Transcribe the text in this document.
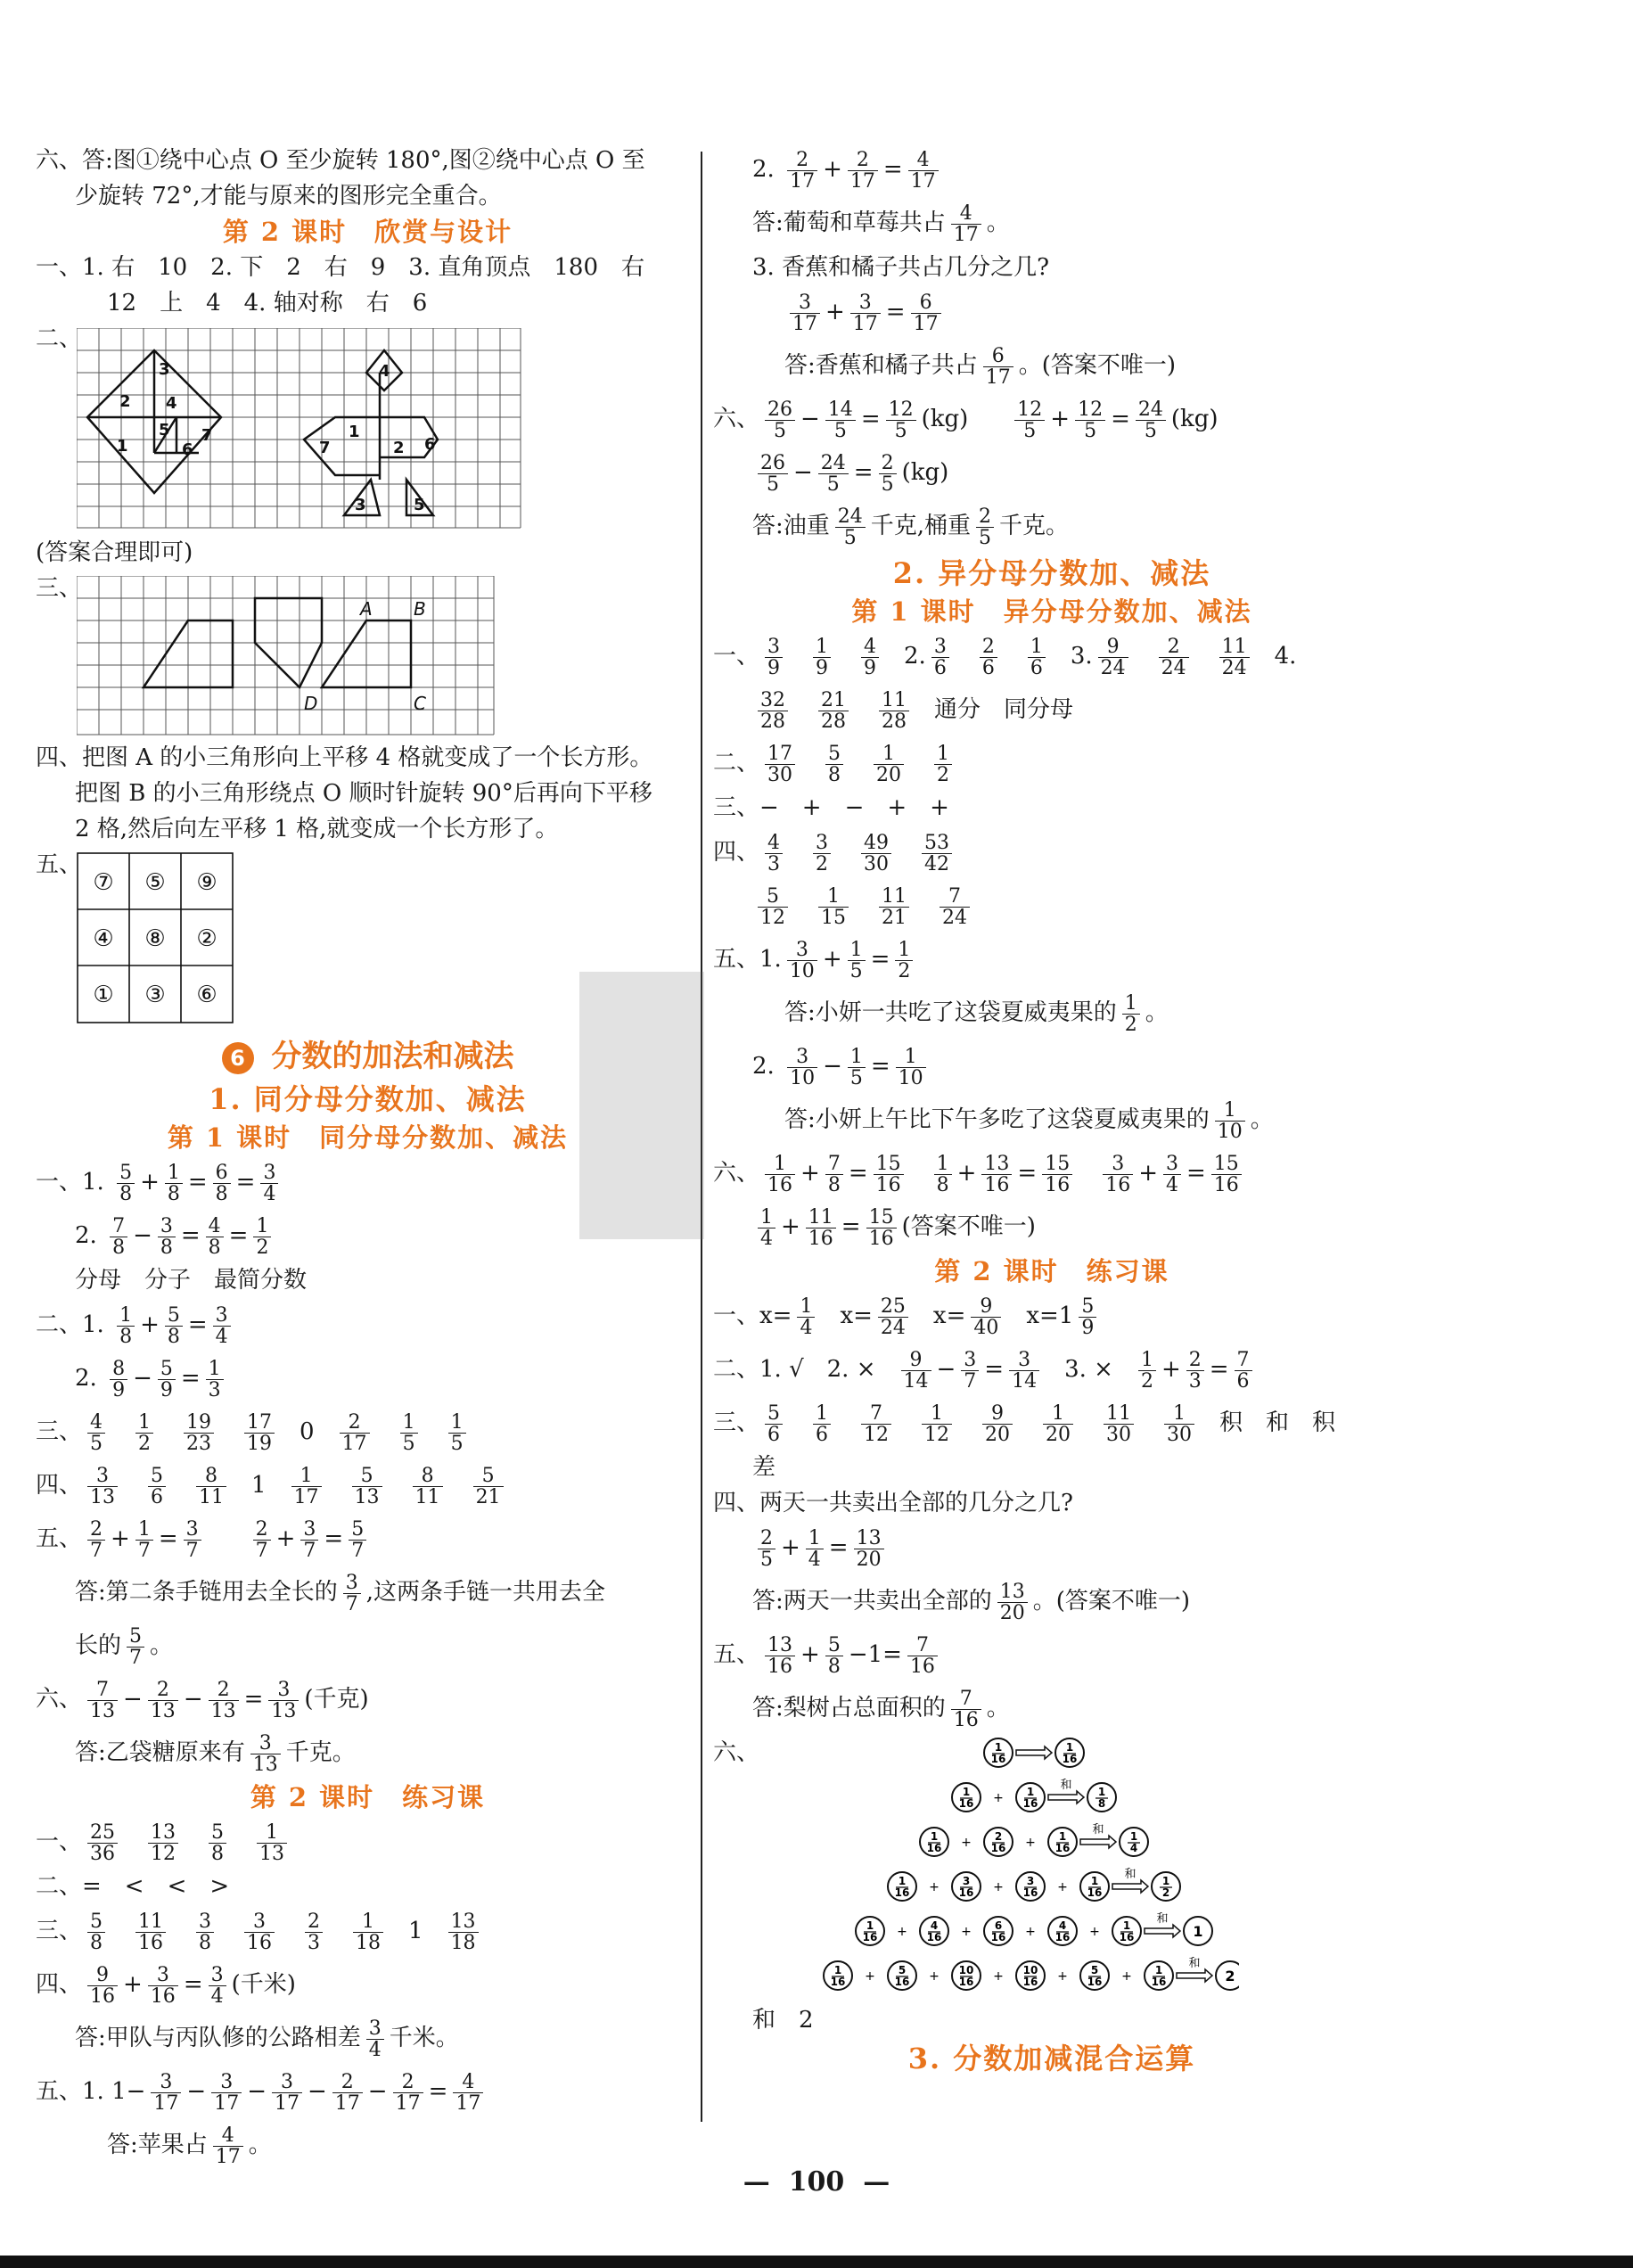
六、答:图①绕中心点 O 至少旋转 180°,图②绕中心点 O 至
少旋转 72°,才能与原来的图形完全重合。
第 2 课时　欣赏与设计
一、1. 右　10　2. 下　2　右　9　3. 直角顶点　180　右
12　上　4　4. 轴对称　右　6
二、
3
2 4
7
5
1	6
4
7
1
2 6
3	5
(答案合理即可)
三、
A B
D	C
四、把图 A 的小三角形向上平移 4 格就变成了一个长方形。
把图 B 的小三角形绕点 O 顺时针旋转 90°后再向下平移
2 格,然后向左平移 1 格,就变成一个长方形了。
五、
⑦ ⑤ ⑨
④ ⑧ ②
① ③ ⑥
6 分数的加法和减法
1. 同分母分数加、减法
第 1 课时　同分母分数加、减法
一、1. $\frac{5}{8} + \frac{1}{8} = \frac{6}{8} = \frac{3}{4}$
2. $\frac{7}{8} - \frac{3}{8} = \frac{4}{8} = \frac{1}{2}$
分母　分子　最简分数
二、1. $\frac{1}{8} + \frac{5}{8} = \frac{3}{4}$
2. $\frac{8}{9} - \frac{5}{9} = \frac{1}{3}$
三、 $\frac{4}{5} \frac{1}{2} \frac{19}{23} \frac{17}{19} 0 \frac{2}{17} \frac{1}{5} \frac{1}{5}$
四、 $\frac{3}{13} \frac{5}{6} \frac{8}{11} 1 \frac{1}{17} \frac{5}{13} \frac{8}{11} \frac{5}{21}$
五、 $\frac{2}{7} + \frac{1}{7} = \frac{3}{7}$	$\frac{2}{7} + \frac{3}{7} = \frac{5}{7}$
答:第二条手链用去全长的 $\frac{3}{7}$ ,这两条手链一共用去全
长的 $\frac{5}{7}$ 。
六、 $\frac{7}{13} - \frac{2}{13} - \frac{2}{13} = \frac{3}{13}$ (千克)
答:乙袋糖原来有 $\frac{3}{13}$ 千克。
第 2 课时　练习课
一、 $\frac{25}{36} \frac{13}{12} \frac{5}{8} \frac{1}{13}$
二、=　<　<　>
三、 $\frac{5}{8} \frac{11}{16} \frac{3}{8} \frac{3}{16} \frac{2}{3} \frac{1}{18} 1 \frac{13}{18}$
四、 $\frac{9}{16} + \frac{3}{16} = \frac{3}{4}$ (千米)
答:甲队与丙队修的公路相差 $\frac{3}{4}$ 千米。
五、1. $1- \frac{3}{17} - \frac{3}{17} - \frac{3}{17} - \frac{2}{17} - \frac{2}{17} = \frac{4}{17}$
答:苹果占 $\frac{4}{17}$ 。
2. $\frac{2}{17} + \frac{2}{17} = \frac{4}{17}$
答:葡萄和草莓共占 $\frac{4}{17}$ 。
3. 香蕉和橘子共占几分之几?
$\frac{3}{17} + \frac{3}{17} = \frac{6}{17}$
答:香蕉和橘子共占 $\frac{6}{17}$ 。(答案不唯一)
六、 $\frac{26}{5} - \frac{14}{5} = \frac{12}{5} (kg) \frac{12}{5} + \frac{12}{5} = \frac{24}{5} (kg)$
$\frac{26}{5} - \frac{24}{5} = \frac{2}{5} (kg)$
答:油重 $\frac{24}{5}$ 千克,桶重 $\frac{2}{5}$ 千克。
2. 异分母分数加、减法
第 1 课时　异分母分数加、减法
一、 $\frac{3}{9} \frac{1}{9} \frac{4}{9} 2$. $\frac{3}{6} \frac{2}{6} \frac{1}{6} 3$. $\frac{9}{24} \frac{2}{24} \frac{11}{24} 4$.
$\frac{32}{28} \frac{21}{28} \frac{11}{28}$ 通分　同分母
二、 $\frac{17}{30} \frac{5}{8} \frac{1}{20} \frac{1}{2}$
三、−　+　−　+　+
四、 $\frac{4}{3} \frac{3}{2} \frac{49}{30} \frac{53}{42}$
$\frac{5}{12} \frac{1}{15} \frac{11}{21} \frac{7}{24}$
五、1. $\frac{3}{10} + \frac{1}{5} = \frac{1}{2}$
答:小妍一共吃了这袋夏威夷果的 $\frac{1}{2}$ 。
2. $\frac{3}{10} - \frac{1}{5} = \frac{1}{10}$
答:小妍上午比下午多吃了这袋夏威夷果的 $\frac{1}{10}$ 。
六、 $\frac{1}{16} + \frac{7}{8} = \frac{15}{16} \frac{1}{8} + \frac{13}{16} = \frac{15}{16} \frac{3}{16} + \frac{3}{4} = \frac{15}{16}$
$\frac{1}{4} + \frac{11}{16} = \frac{15}{16}$ (答案不唯一)
第 2 课时　练习课
一、$x= \frac{1}{4} x= \frac{25}{24} x= \frac{9}{40} x=1 \frac{5}{9}$
二、1. √　2. × $\frac{9}{14} - \frac{3}{7} = \frac{3}{14} 3$. × $\frac{1}{2} + \frac{2}{3} = \frac{7}{6}$
三、 $\frac{5}{6} \frac{1}{6} \frac{7}{12} \frac{1}{12} \frac{9}{20} \frac{1}{20} \frac{11}{30} \frac{1}{30}$ 积　和　积
差
四、两天一共卖出全部的几分之几?
$\frac{2}{5} + \frac{1}{4} = \frac{13}{20}$
答:两天一共卖出全部的 $\frac{13}{20}$ 。(答案不唯一)
五、 $\frac{13}{16} + \frac{5}{8} -1= \frac{7}{16}$
答:梨树占总面积的 $\frac{7}{16}$ 。
六、	1
16
1
16
1
16 + 1
16
和 1
8
1
16 + 2
16 + 1
16
和 1
4
1
16 + 3
16 + 3
16 + 1
16
和 1
2
1
16 + 4
16 + 6
16 + 4
16 + 1
16
和
1
1
16 + 5
16 + 10
16 + 10
16 + 5
16 + 1
16
和
2
和　2
3. 分数加减混合运算
—  100  —
